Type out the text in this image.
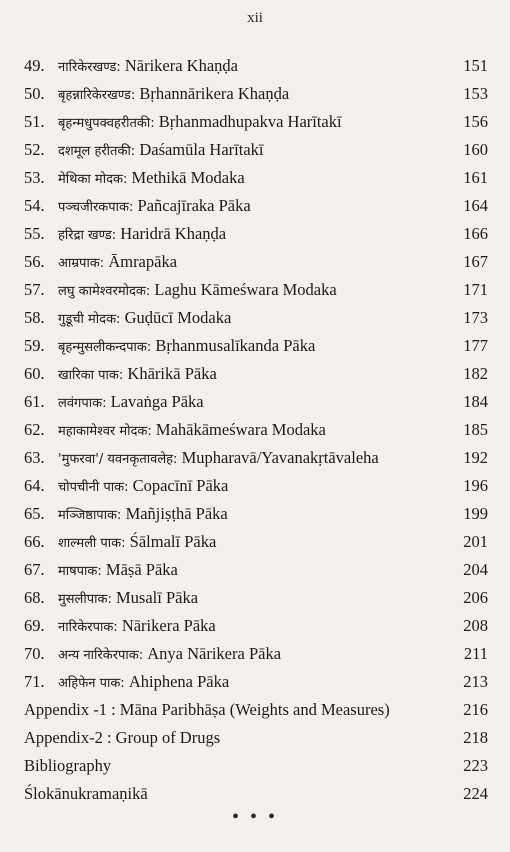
xii
49. नारिकेरखण्ड: Nārikera Khaṇḍa	151
50. बृहन्नारिकेरखण्ड: Bṛhannārikera Khaṇḍa	153
51. बृहन्मधुपक्वहरीतकी: Bṛhanmadhupakva Harītakī	156
52. दशमूल हरीतकी: Daśamūla Harītakī	160
53. मेथिका मोदक: Methikā Modaka	161
54. पञ्चजीरकपाक: Pañcajīraka Pāka	164
55. हरिद्रा खण्ड: Haridrā Khaṇḍa	166
56. आम्रपाक: Āmrapāka	167
57. लघु कामेश्वरमोदक: Laghu Kāmeśwara Modaka	171
58. गुडूची मोदक: Guḍūcī Modaka	173
59. बृहन्मुसलीकन्दपाक: Bṛhanmusalīkanda Pāka	177
60. खारिका पाक: Khārikā Pāka	182
61. लवंगपाक: Lavaṅga Pāka	184
62. महाकामेश्वर मोदक: Mahākāmeśwara Modaka	185
63. 'मुफरवा'/ यवनकृतावलेह: Mupharavā/Yavanakṛtāvaleha	192
64. चोपचीनी पाक: Copacīnī Pāka	196
65. मञ्जिष्ठापाक: Mañjiṣṭhā Pāka	199
66. शाल्मली पाक: Śālmalī Pāka	201
67. माषपाक: Māṣā Pāka	204
68. मुसलीपाक: Musalī Pāka	206
69. नारिकेरपाक: Nārikera Pāka	208
70. अन्य नारिकेरपाक: Anya Nārikera Pāka	211
71. अहिफेन पाक: Ahiphena Pāka	213
Appendix -1 : Māna Paribhāṣa (Weights and Measures)	216
Appendix-2 : Group of Drugs	218
Bibliography	223
Ślokānukramaṇikā	224
• • •
